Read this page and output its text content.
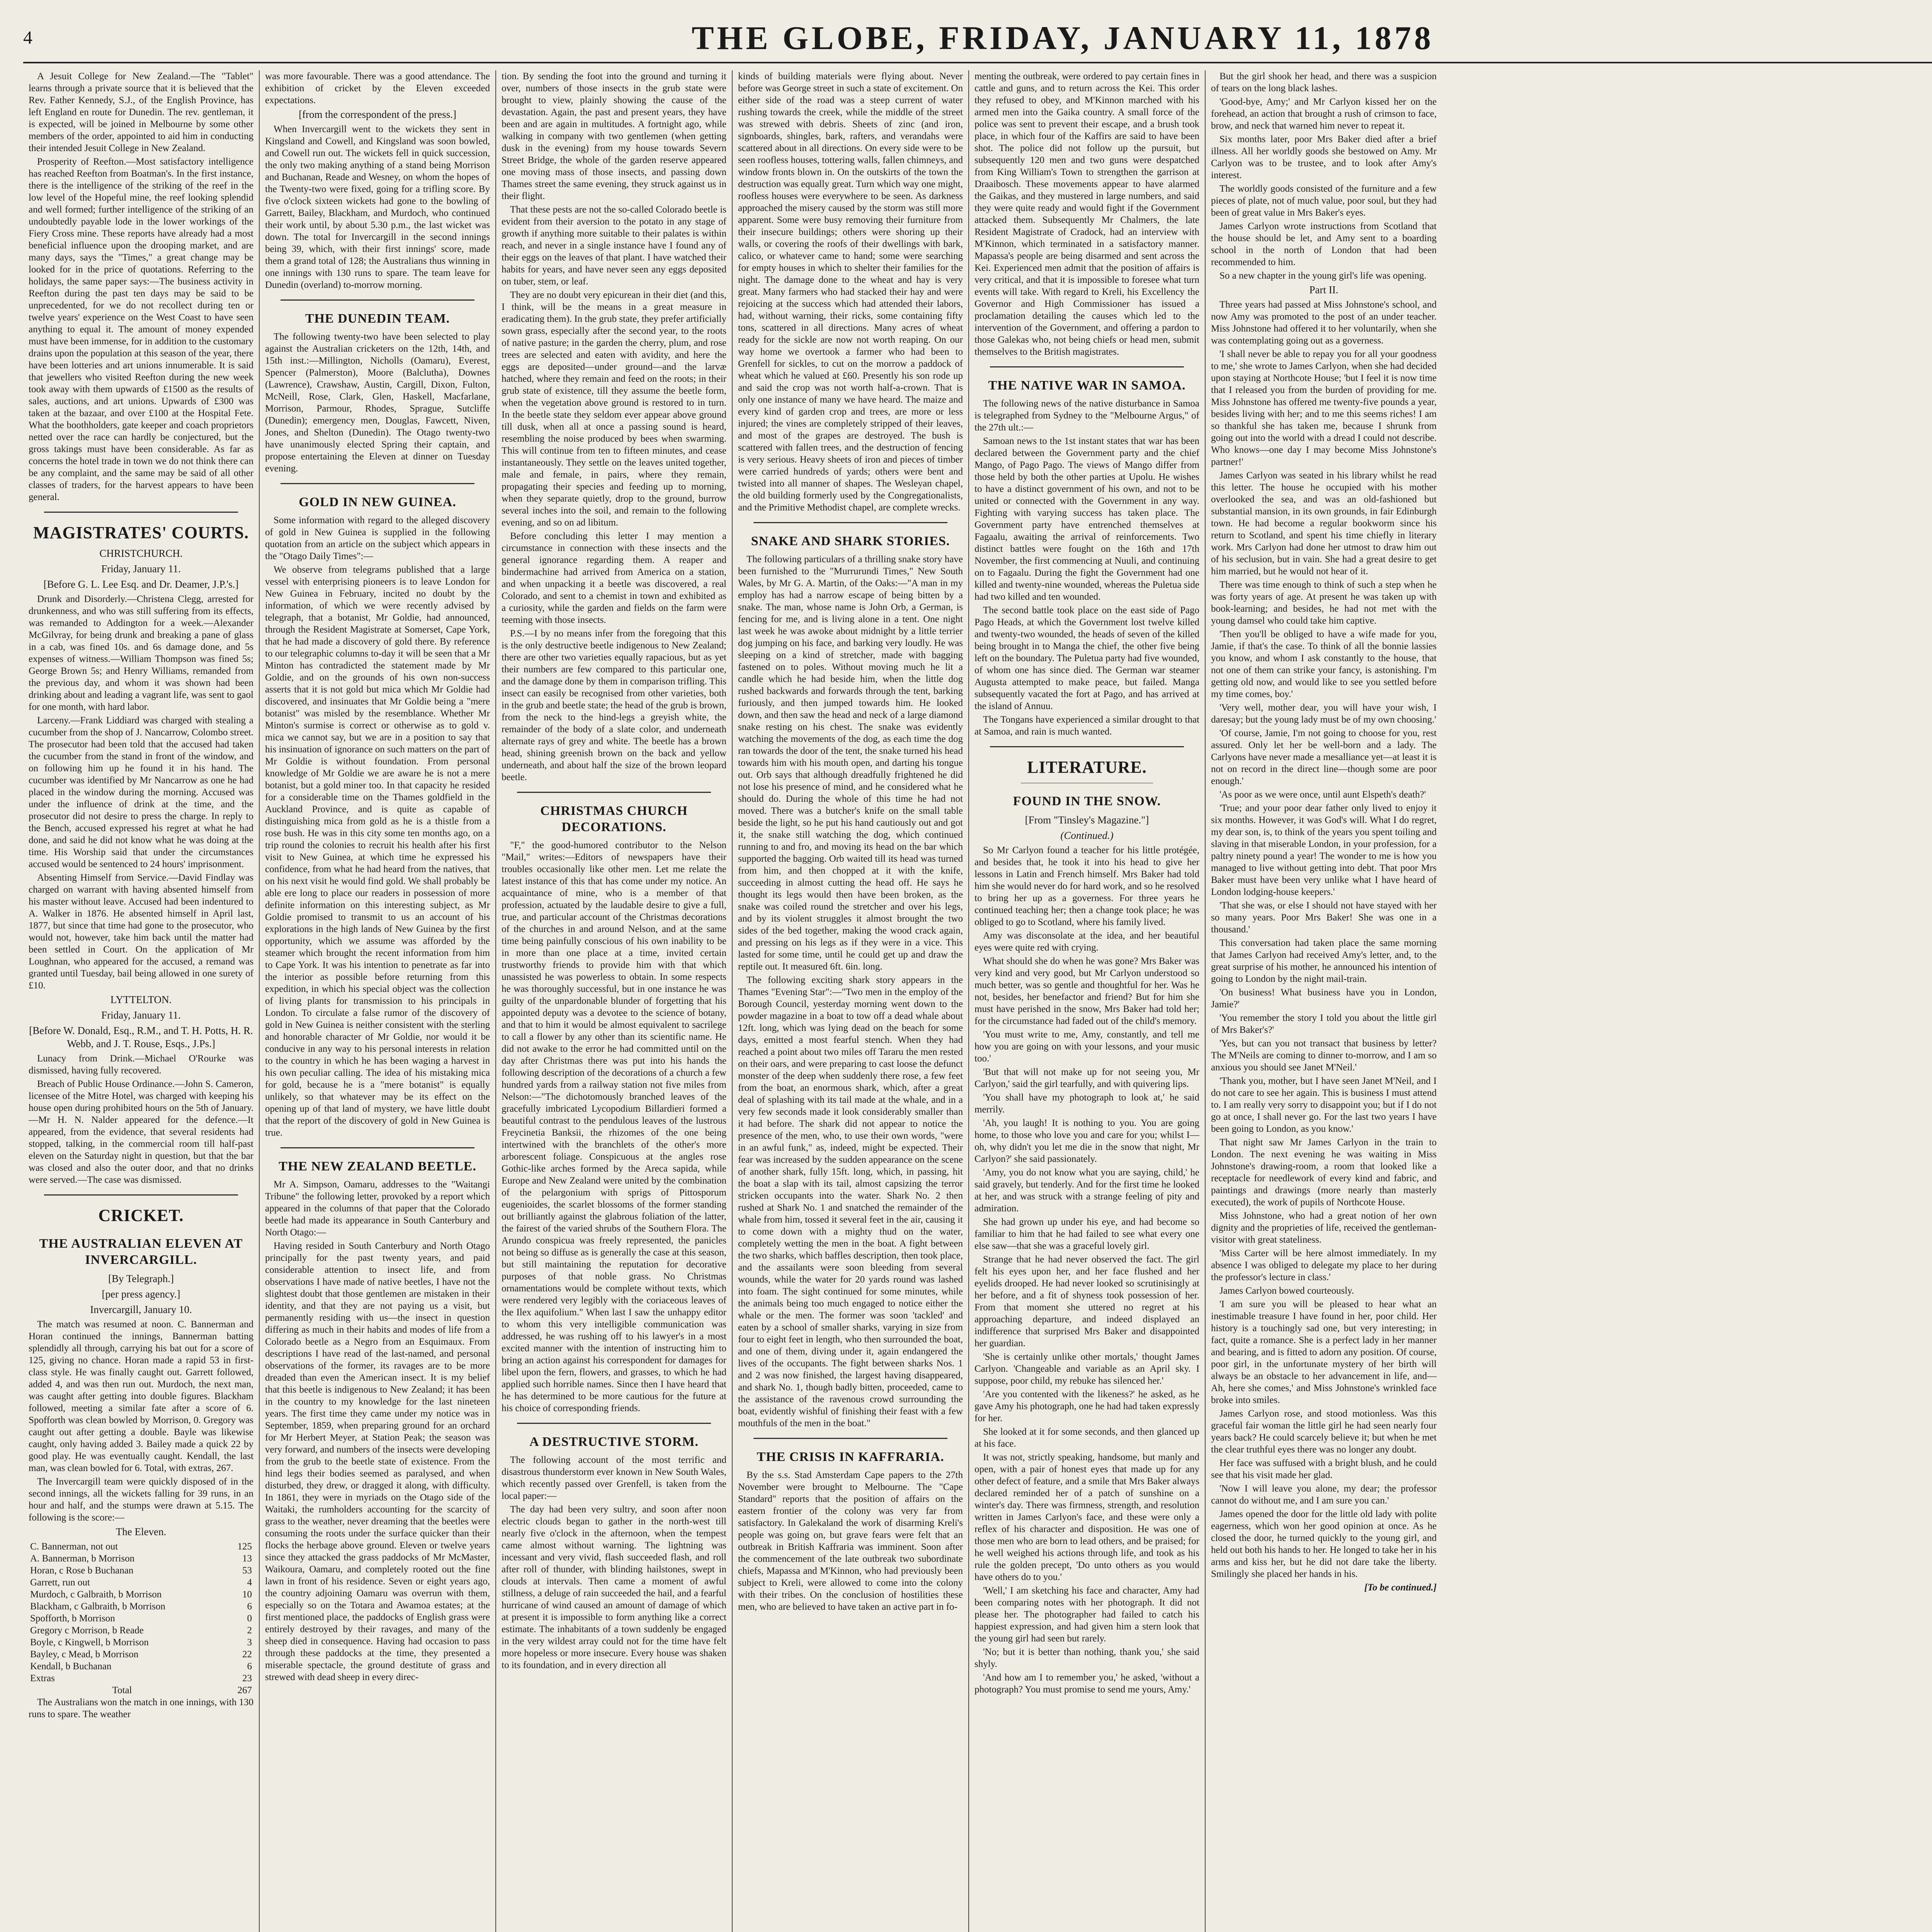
4	THE GLOBE, FRIDAY, JANUARY 11, 1878

A Jesuit College for New Zealand.—The "Tablet" learns through a private source that it is believed that the Rev. Father Kennedy, S.J., of the English Province, has left England en route for Dunedin. The rev. gentleman, it is expected, will be joined in Melbourne by some other members of the order, appointed to aid him in conducting their intended Jesuit College in New Zealand.

Prosperity of Reefton.—Most satisfactory intelligence has reached Reefton from Boatman's. In the first instance, there is the intelligence of the striking of the reef in the low level of the Hopeful mine, the reef looking splendid and well formed; further intelligence of the striking of an undoubtedly payable lode in the lower workings of the Fiery Cross mine. These reports have already had a most beneficial influence upon the drooping market, and are many days, says the "Times," a great change may be looked for in the price of quotations. Referring to the holidays, the same paper says:—The business activity in Reefton during the past ten days may be said to be unprecedented, for we do not recollect during ten or twelve years' experience on the West Coast to have seen anything to equal it. The amount of money expended must have been immense, for in addition to the customary drains upon the population at this season of the year, there have been lotteries and art unions innumerable. It is said that jewellers who visited Reefton during the new week took away with them upwards of £1500 as the results of sales, auctions, and art unions. Upwards of £300 was taken at the bazaar, and over £100 at the Hospital Fete. What the boothholders, gate keeper and coach proprietors netted over the race can hardly be conjectured, but the gross takings must have been considerable. As far as concerns the hotel trade in town we do not think there can be any complaint, and the same may be said of all other classes of traders, for the harvest appears to have been general.

MAGISTRATES' COURTS.
CHRISTCHURCH.
Friday, January 11.
[Before G. L. Lee Esq. and Dr. Deamer, J.P.'s.]

Drunk and Disorderly.—Christena Clegg, arrested for drunkenness, and who was still suffering from its effects, was remanded to Addington for a week.—Alexander McGilvray, for being drunk and breaking a pane of glass in a cab, was fined 10s. and 6s damage done, and 5s expenses of witness.—William Thompson was fined 5s; George Brown 5s; and Henry Williams, remanded from the previous day, and whom it was shown had been drinking about and leading a vagrant life, was sent to gaol for one month, with hard labor.

Larceny.—Frank Liddiard was charged with stealing a cucumber from the shop of J. Nancarrow, Colombo street. The prosecutor had been told that the accused had taken the cucumber from the stand in front of the window, and on following him up he found it in his hand. The cucumber was identified by Mr Nancarrow as one he had placed in the window during the morning. Accused was under the influence of drink at the time, and the prosecutor did not desire to press the charge. In reply to the Bench, accused expressed his regret at what he had done, and said he did not know what he was doing at the time. His Worship said that under the circumstances accused would be sentenced to 24 hours' imprisonment.

Absenting Himself from Service.—David Findlay was charged on warrant with having absented himself from his master without leave. Accused had been indentured to A. Walker in 1876. He absented himself in April last, 1877, but since that time had gone to the prosecutor, who would not, however, take him back until the matter had been settled in Court. On the application of Mr Loughnan, who appeared for the accused, a remand was granted until Tuesday, bail being allowed in one surety of £10.

LYTTELTON.
Friday, January 11.
[Before W. Donald, Esq., R.M., and T. H. Potts, H. R. Webb, and J. T. Rouse, Esqs., J.Ps.]

Lunacy from Drink.—Michael O'Rourke was dismissed, having fully recovered.

Breach of Public House Ordinance.—John S. Cameron, licensee of the Mitre Hotel, was charged with keeping his house open during prohibited hours on the 5th of January.—Mr H. N. Nalder appeared for the defence.—It appeared, from the evidence, that several residents had stopped, talking, in the commercial room till half-past eleven on the Saturday night in question, but that the bar was closed and also the outer door, and that no drinks were served.—The case was dismissed.

CRICKET.
THE AUSTRALIAN ELEVEN AT INVERCARGILL.
[By Telegraph.]
[per press agency.]
Invercargill, January 10.

The match was resumed at noon. C. Bannerman and Horan continued the innings, Bannerman batting splendidly all through, carrying his bat out for a score of 125, giving no chance. Horan made a rapid 53 in first-class style. He was finally caught out. Garrett followed, added 4, and was then run out. Murdoch, the next man, was caught after getting into double figures. Blackham followed, meeting a similar fate after a score of 6. Spofforth was clean bowled by Morrison, 0. Gregory was caught out after getting a double. Bayle was likewise caught, only having added 3. Bailey made a quick 22 by good play. He was eventually caught. Kendall, the last man, was clean bowled for 6. Total, with extras, 267.

The Invercargill team were quickly disposed of in the second innings, all the wickets falling for 39 runs, in an hour and half, and the stumps were drawn at 5.15. The following is the score:—

The Eleven.
C. Bannerman, not out	125
A. Bannerman, b Morrison	13
Horan, c Rose b Buchanan	53
Garrett, run out	4
Murdoch, c Galbraith, b Morrison	10
Blackham, c Galbraith, b Morrison	6
Spofforth, b Morrison	0
Gregory c Morrison, b Reade	2
Boyle, c Kingwell, b Morrison	3
Bayley, c Mead, b Morrison	22
Kendall, b Buchanan	6
Extras	23
Total	267

The Australians won the match in one innings, with 130 runs to spare. The weather

was more favourable. There was a good attendance. The exhibition of cricket by the Eleven exceeded expectations.

[from the correspondent of the press.]

When Invercargill went to the wickets they sent in Kingsland and Cowell, and Kingsland was soon bowled, and Cowell run out. The wickets fell in quick succession, the only two making anything of a stand being Morrison and Buchanan, Reade and Wesney, on whom the hopes of the Twenty-two were fixed, going for a trifling score. By five o'clock sixteen wickets had gone to the bowling of Garrett, Bailey, Blackham, and Murdoch, who continued their work until, by about 5.30 p.m., the last wicket was down. The total for Invercargill in the second innings being 39, which, with their first innings' score, made them a grand total of 128; the Australians thus winning in one innings with 130 runs to spare. The team leave for Dunedin (overland) to-morrow morning.

THE DUNEDIN TEAM.

The following twenty-two have been selected to play against the Australian cricketers on the 12th, 14th, and 15th inst.:—Millington, Nicholls (Oamaru), Everest, Spencer (Palmerston), Moore (Balclutha), Downes (Lawrence), Crawshaw, Austin, Cargill, Dixon, Fulton, McNeill, Rose, Clark, Glen, Haskell, Macfarlane, Morrison, Parmour, Rhodes, Sprague, Sutcliffe (Dunedin); emergency men, Douglas, Fawcett, Niven, Jones, and Shelton (Dunedin). The Otago twenty-two have unanimously elected Spring their captain, and propose entertaining the Eleven at dinner on Tuesday evening.

GOLD IN NEW GUINEA.

Some information with regard to the alleged discovery of gold in New Guinea is supplied in the following quotation from an article on the subject which appears in the "Otago Daily Times":—

We observe from telegrams published that a large vessel with enterprising pioneers is to leave London for New Guinea in February, incited no doubt by the information, of which we were recently advised by telegraph, that a botanist, Mr Goldie, had announced, through the Resident Magistrate at Somerset, Cape York, that he had made a discovery of gold there. By reference to our telegraphic columns to-day it will be seen that a Mr Minton has contradicted the statement made by Mr Goldie, and on the grounds of his own non-success asserts that it is not gold but mica which Mr Goldie had discovered, and insinuates that Mr Goldie being a "mere botanist" was misled by the resemblance. Whether Mr Minton's surmise is correct or otherwise as to gold v. mica we cannot say, but we are in a position to say that his insinuation of ignorance on such matters on the part of Mr Goldie is without foundation. From personal knowledge of Mr Goldie we are aware he is not a mere botanist, but a gold miner too. In that capacity he resided for a considerable time on the Thames goldfield in the Auckland Province, and is quite as capable of distinguishing mica from gold as he is a thistle from a rose bush. He was in this city some ten months ago, on a trip round the colonies to recruit his health after his first visit to New Guinea, at which time he expressed his confidence, from what he had heard from the natives, that on his next visit he would find gold. We shall probably be able ere long to place our readers in possession of more definite information on this interesting subject, as Mr Goldie promised to transmit to us an account of his explorations in the high lands of New Guinea by the first opportunity, which we assume was afforded by the steamer which brought the recent information from him to Cape York. It was his intention to penetrate as far into the interior as possible before returning from this expedition, in which his special object was the collection of living plants for transmission to his principals in London. To circulate a false rumor of the discovery of gold in New Guinea is neither consistent with the sterling and honorable character of Mr Goldie, nor would it be conducive in any way to his personal interests in relation to the country in which he has been waging a harvest in his own peculiar calling. The idea of his mistaking mica for gold, because he is a "mere botanist" is equally unlikely, so that whatever may be its effect on the opening up of that land of mystery, we have little doubt that the report of the discovery of gold in New Guinea is true.

THE NEW ZEALAND BEETLE.

Mr A. Simpson, Oamaru, addresses to the "Waitangi Tribune" the following letter, provoked by a report which appeared in the columns of that paper that the Colorado beetle had made its appearance in South Canterbury and North Otago:—

Having resided in South Canterbury and North Otago principally for the past twenty years, and paid considerable attention to insect life, and from observations I have made of native beetles, I have not the slightest doubt that those gentlemen are mistaken in their identity, and that they are not paying us a visit, but permanently residing with us—the insect in question differing as much in their habits and modes of life from a Colorado beetle as a Negro from an Esquimaux. From descriptions I have read of the last-named, and personal observations of the former, its ravages are to be more dreaded than even the American insect. It is my belief that this beetle is indigenous to New Zealand; it has been in the country to my knowledge for the last nineteen years. The first time they came under my notice was in September, 1859, when preparing ground for an orchard for Mr Herbert Meyer, at Station Peak; the season was very forward, and numbers of the insects were developing from the grub to the beetle state of existence. From the hind legs their bodies seemed as paralysed, and when disturbed, they drew, or dragged it along, with difficulty. In 1861, they were in myriads on the Otago side of the Waitaki, the rumholders accounting for the scarcity of grass to the weather, never dreaming that the beetles were consuming the roots under the surface quicker than their flocks the herbage above ground. Eleven or twelve years since they attacked the grass paddocks of Mr McMaster, Waikoura, Oamaru, and completely rooted out the fine lawn in front of his residence. Seven or eight years ago, the country adjoining Oamaru was overrun with them, especially so on the Totara and Awamoa estates; at the first mentioned place, the paddocks of English grass were entirely destroyed by their ravages, and many of the sheep died in consequence. Having had occasion to pass through these paddocks at the time, they presented a miserable spectacle, the ground destitute of grass and strewed with dead sheep in every direc-

tion. By sending the foot into the ground and turning it over, numbers of those insects in the grub state were brought to view, plainly showing the cause of the devastation. Again, the past and present years, they have been and are again in multitudes. A fortnight ago, while walking in company with two gentlemen (when getting dusk in the evening) from my house towards Severn Street Bridge, the whole of the garden reserve appeared one moving mass of those insects, and passing down Thames street the same evening, they struck against us in their flight.

That these pests are not the so-called Colorado beetle is evident from their aversion to the potato in any stage of growth if anything more suitable to their palates is within reach, and never in a single instance have I found any of their eggs on the leaves of that plant. I have watched their habits for years, and have never seen any eggs deposited on tuber, stem, or leaf.

They are no doubt very epicurean in their diet (and this, I think, will be the means in a great measure in eradicating them). In the grub state, they prefer artificially sown grass, especially after the second year, to the roots of native pasture; in the garden the cherry, plum, and rose trees are selected and eaten with avidity, and here the eggs are deposited—under ground—and the larvæ hatched, where they remain and feed on the roots; in their grub state of existence, till they assume the beetle form, when the vegetation above ground is restored to in turn. In the beetle state they seldom ever appear above ground till dusk, when all at once a passing sound is heard, resembling the noise produced by bees when swarming. This will continue from ten to fifteen minutes, and cease instantaneously. They settle on the leaves united together, male and female, in pairs, where they remain, propagating their species and feeding up to morning, when they separate quietly, drop to the ground, burrow several inches into the soil, and remain to the following evening, and so on ad libitum.

Before concluding this letter I may mention a circumstance in connection with these insects and the general ignorance regarding them. A reaper and bindermachine had arrived from America on a station, and when unpacking it a beetle was discovered, a real Colorado, and sent to a chemist in town and exhibited as a curiosity, while the garden and fields on the farm were teeming with those insects.

P.S.—I by no means infer from the foregoing that this is the only destructive beetle indigenous to New Zealand; there are other two varieties equally rapacious, but as yet their numbers are few compared to this particular one, and the damage done by them in comparison trifling. This insect can easily be recognised from other varieties, both in the grub and beetle state; the head of the grub is brown, from the neck to the hind-legs a greyish white, the remainder of the body of a slate color, and underneath alternate rays of grey and white. The beetle has a brown head, shining greenish brown on the back and yellow underneath, and about half the size of the brown leopard beetle.

CHRISTMAS CHURCH DECORATIONS.

"F," the good-humored contributor to the Nelson "Mail," writes:—Editors of newspapers have their troubles occasionally like other men. Let me relate the latest instance of this that has come under my notice. An acquaintance of mine, who is a member of that profession, actuated by the laudable desire to give a full, true, and particular account of the Christmas decorations of the churches in and around Nelson, and at the same time being painfully conscious of his own inability to be in more than one place at a time, invited certain trustworthy friends to provide him with that which unassisted he was powerless to obtain. In some respects he was thoroughly successful, but in one instance he was guilty of the unpardonable blunder of forgetting that his appointed deputy was a devotee to the science of botany, and that to him it would be almost equivalent to sacrilege to call a flower by any other than its scientific name. He did not awake to the error he had committed until on the day after Christmas there was put into his hands the following description of the decorations of a church a few hundred yards from a railway station not five miles from Nelson:—"The dichotomously branched leaves of the gracefully imbricated Lycopodium Billardieri formed a beautiful contrast to the pendulous leaves of the lustrous Freycinetia Banksii, the rhizomes of the one being intertwined with the branchlets of the other's more arborescent foliage. Conspicuous at the angles rose Gothic-like arches formed by the Areca sapida, while Europe and New Zealand were united by the combination of the pelargonium with sprigs of Pittosporum eugenioides, the scarlet blossoms of the former standing out brilliantly against the glabrous foliation of the latter, the fairest of the varied shrubs of the Southern Flora. The Arundo conspicua was freely represented, the panicles not being so diffuse as is generally the case at this season, but still maintaining the reputation for decorative purposes of that noble grass. No Christmas ornamentations would be complete without texts, which were rendered very legibly with the coriaceous leaves of the Ilex aquifolium." When last I saw the unhappy editor to whom this very intelligible communication was addressed, he was rushing off to his lawyer's in a most excited manner with the intention of instructing him to bring an action against his correspondent for damages for libel upon the fern, flowers, and grasses, to which he had applied such horrible names. Since then I have heard that he has determined to be more cautious for the future at his choice of corresponding friends.

A DESTRUCTIVE STORM.

The following account of the most terrific and disastrous thunderstorm ever known in New South Wales, which recently passed over Grenfell, is taken from the local paper:—

The day had been very sultry, and soon after noon electric clouds began to gather in the north-west till nearly five o'clock in the afternoon, when the tempest came almost without warning. The lightning was incessant and very vivid, flash succeeded flash, and roll after roll of thunder, with blinding hailstones, swept in clouds at intervals. Then came a moment of awful stillness, a deluge of rain succeeded the hail, and a fearful hurricane of wind caused an amount of damage of which at present it is impossible to form anything like a correct estimate. The inhabitants of a town suddenly be engaged in the very wildest array could not for the time have felt more hopeless or more insecure. Every house was shaken to its foundation, and in every direction all

kinds of building materials were flying about. Never before was George street in such a state of excitement. On either side of the road was a steep current of water rushing towards the creek, while the middle of the street was strewed with debris. Sheets of zinc (and iron, signboards, shingles, bark, rafters, and verandahs were scattered about in all directions. On every side were to be seen roofless houses, tottering walls, fallen chimneys, and window fronts blown in. On the outskirts of the town the destruction was equally great. Turn which way one might, roofless houses were everywhere to be seen. As darkness approached the misery caused by the storm was still more apparent. Some were busy removing their furniture from their insecure buildings; others were shoring up their walls, or covering the roofs of their dwellings with bark, calico, or whatever came to hand; some were searching for empty houses in which to shelter their families for the night. The damage done to the wheat and hay is very great. Many farmers who had stacked their hay and were rejoicing at the success which had attended their labors, had, without warning, their ricks, some containing fifty tons, scattered in all directions. Many acres of wheat ready for the sickle are now not worth reaping. On our way home we overtook a farmer who had been to Grenfell for sickles, to cut on the morrow a paddock of wheat which he valued at £60. Presently his son rode up and said the crop was not worth half-a-crown. That is only one instance of many we have heard. The maize and every kind of garden crop and trees, are more or less injured; the vines are completely stripped of their leaves, and most of the grapes are destroyed. The bush is scattered with fallen trees, and the destruction of fencing is very serious. Heavy sheets of iron and pieces of timber were carried hundreds of yards; others were bent and twisted into all manner of shapes. The Wesleyan chapel, the old building formerly used by the Congregationalists, and the Primitive Methodist chapel, are complete wrecks.

SNAKE AND SHARK STORIES.

The following particulars of a thrilling snake story have been furnished to the "Murrurundi Times," New South Wales, by Mr G. A. Martin, of the Oaks:—"A man in my employ has had a narrow escape of being bitten by a snake. The man, whose name is John Orb, a German, is fencing for me, and is living alone in a tent. One night last week he was awoke about midnight by a little terrier dog jumping on his face, and barking very loudly. He was sleeping on a kind of stretcher, made with bagging fastened on to poles. Without moving much he lit a candle which he had beside him, when the little dog rushed backwards and forwards through the tent, barking furiously, and then jumped towards him. He looked down, and then saw the head and neck of a large diamond snake resting on his chest. The snake was evidently watching the movements of the dog, as each time the dog ran towards the door of the tent, the snake turned his head towards him with his mouth open, and darting his tongue out. Orb says that although dreadfully frightened he did not lose his presence of mind, and he considered what he should do. During the whole of this time he had not moved. There was a butcher's knife on the small table beside the light, so he put his hand cautiously out and got it, the snake still watching the dog, which continued running to and fro, and moving its head on the bar which supported the bagging. Orb waited till its head was turned from him, and then chopped at it with the knife, succeeding in almost cutting the head off. He says he thought its legs would then have been broken, as the snake was coiled round the stretcher and over his legs, and by its violent struggles it almost brought the two sides of the bed together, making the wood crack again, and pressing on his legs as if they were in a vice. This lasted for some time, until he could get up and draw the reptile out. It measured 6ft. 6in. long.

The following exciting shark story appears in the Thames "Evening Star":—"Two men in the employ of the Borough Council, yesterday morning went down to the powder magazine in a boat to tow off a dead whale about 12ft. long, which was lying dead on the beach for some days, emitted a most fearful stench. When they had reached a point about two miles off Tararu the men rested on their oars, and were preparing to cast loose the defunct monster of the deep when suddenly there rose, a few feet from the boat, an enormous shark, which, after a great deal of splashing with its tail made at the whale, and in a very few seconds made it look considerably smaller than it had before. The shark did not appear to notice the presence of the men, who, to use their own words, "were in an awful funk," as, indeed, might be expected. Their fear was increased by the sudden appearance on the scene of another shark, fully 15ft. long, which, in passing, hit the boat a slap with its tail, almost capsizing the terror stricken occupants into the water. Shark No. 2 then rushed at Shark No. 1 and snatched the remainder of the whale from him, tossed it several feet in the air, causing it to come down with a mighty thud on the water, completely wetting the men in the boat. A fight between the two sharks, which baffles description, then took place, and the assailants were soon bleeding from several wounds, while the water for 20 yards round was lashed into foam. The sight continued for some minutes, while the animals being too much engaged to notice either the whale or the men. The former was soon 'tackled' and eaten by a school of smaller sharks, varying in size from four to eight feet in length, who then surrounded the boat, and one of them, diving under it, again endangered the lives of the occupants. The fight between sharks Nos. 1 and 2 was now finished, the largest having disappeared, and shark No. 1, though badly bitten, proceeded, came to the assistance of the ravenous crowd surrounding the boat, evidently wishful of finishing their feast with a few mouthfuls of the men in the boat."

THE CRISIS IN KAFFRARIA.

By the s.s. Stad Amsterdam Cape papers to the 27th November were brought to Melbourne. The "Cape Standard" reports that the position of affairs on the eastern frontier of the colony was very far from satisfactory. In Galekaland the work of disarming Kreli's people was going on, but grave fears were felt that an outbreak in British Kaffraria was imminent. Soon after the commencement of the late outbreak two subordinate chiefs, Mapassa and M'Kinnon, who had previously been subject to Kreli, were allowed to come into the colony with their tribes. On the conclusion of hostilities these men, who are believed to have taken an active part in fo-

menting the outbreak, were ordered to pay certain fines in cattle and guns, and to return across the Kei. This order they refused to obey, and M'Kinnon marched with his armed men into the Gaika country. A small force of the police was sent to prevent their escape, and a brush took place, in which four of the Kaffirs are said to have been shot. The police did not follow up the pursuit, but subsequently 120 men and two guns were despatched from King William's Town to strengthen the garrison at Draaibosch. These movements appear to have alarmed the Gaikas, and they mustered in large numbers, and said they were quite ready and would fight if the Government attacked them. Subsequently Mr Chalmers, the late Resident Magistrate of Cradock, had an interview with M'Kinnon, which terminated in a satisfactory manner. Mapassa's people are being disarmed and sent across the Kei. Experienced men admit that the position of affairs is very critical, and that it is impossible to foresee what turn events will take. With regard to Kreli, his Excellency the Governor and High Commissioner has issued a proclamation detailing the causes which led to the intervention of the Government, and offering a pardon to those Galekas who, not being chiefs or head men, submit themselves to the British magistrates.

THE NATIVE WAR IN SAMOA.

The following news of the native disturbance in Samoa is telegraphed from Sydney to the "Melbourne Argus," of the 27th ult.:—

Samoan news to the 1st instant states that war has been declared between the Government party and the chief Mango, of Pago Pago. The views of Mango differ from those held by both the other parties at Upolu. He wishes to have a distinct government of his own, and not to be united or connected with the Government in any way. Fighting with varying success has taken place. The Government party have entrenched themselves at Fagaalu, awaiting the arrival of reinforcements. Two distinct battles were fought on the 16th and 17th November, the first commencing at Nuuli, and continuing on to Fagaalu. During the fight the Government had one killed and twenty-nine wounded, whereas the Puletua side had two killed and ten wounded.

The second battle took place on the east side of Pago Pago Heads, at which the Government lost twelve killed and twenty-two wounded, the heads of seven of the killed being brought in to Manga the chief, the other five being left on the boundary. The Puletua party had five wounded, of whom one has since died. The German war steamer Augusta attempted to make peace, but failed. Manga subsequently vacated the fort at Pago, and has arrived at the island of Annuu.

The Tongans have experienced a similar drought to that at Samoa, and rain is much wanted.

LITERATURE.
FOUND IN THE SNOW.
[From "Tinsley's Magazine."]
(Continued.)

So Mr Carlyon found a teacher for his little protégée, and besides that, he took it into his head to give her lessons in Latin and French himself. Mrs Baker had told him she would never do for hard work, and so he resolved to bring her up as a governess. For three years he continued teaching her; then a change took place; he was obliged to go to Scotland, where his family lived.

Amy was disconsolate at the idea, and her beautiful eyes were quite red with crying.

What should she do when he was gone? Mrs Baker was very kind and very good, but Mr Carlyon understood so much better, was so gentle and thoughtful for her. Was he not, besides, her benefactor and friend? But for him she must have perished in the snow, Mrs Baker had told her; for the circumstance had faded out of the child's memory.

'You must write to me, Amy, constantly, and tell me how you are going on with your lessons, and your music too.'

'But that will not make up for not seeing you, Mr Carlyon,' said the girl tearfully, and with quivering lips.

'You shall have my photograph to look at,' he said merrily.

'Ah, you laugh! It is nothing to you. You are going home, to those who love you and care for you; whilst I—oh, why didn't you let me die in the snow that night, Mr Carlyon?' she said passionately.

'Amy, you do not know what you are saying, child,' he said gravely, but tenderly. And for the first time he looked at her, and was struck with a strange feeling of pity and admiration.

She had grown up under his eye, and had become so familiar to him that he had failed to see what every one else saw—that she was a graceful lovely girl.

Strange that he had never observed the fact. The girl felt his eyes upon her, and her face flushed and her eyelids drooped. He had never looked so scrutinisingly at her before, and a fit of shyness took possession of her. From that moment she uttered no regret at his approaching departure, and indeed displayed an indifference that surprised Mrs Baker and disappointed her guardian.

'She is certainly unlike other mortals,' thought James Carlyon. 'Changeable and variable as an April sky. I suppose, poor child, my rebuke has silenced her.'

'Are you contented with the likeness?' he asked, as he gave Amy his photograph, one he had had taken expressly for her.

She looked at it for some seconds, and then glanced up at his face.

It was not, strictly speaking, handsome, but manly and open, with a pair of honest eyes that made up for any other defect of feature, and a smile that Mrs Baker always declared reminded her of a patch of sunshine on a winter's day. There was firmness, strength, and resolution written in James Carlyon's face, and these were only a reflex of his character and disposition. He was one of those men who are born to lead others, and be praised; for he well weighed his actions through life, and took as his rule the golden precept, 'Do unto others as you would have others do to you.'

'Well,' I am sketching his face and character, Amy had been comparing notes with her photograph. It did not please her. The photographer had failed to catch his happiest expression, and had given him a stern look that the young girl had seen but rarely.

'No; but it is better than nothing, thank you,' she said shyly.

'And how am I to remember you,' he asked, 'without a photograph? You must promise to send me yours, Amy.'

But the girl shook her head, and there was a suspicion of tears on the long black lashes.

'Good-bye, Amy;' and Mr Carlyon kissed her on the forehead, an action that brought a rush of crimson to face, brow, and neck that warned him never to repeat it.

Six months later, poor Mrs Baker died after a brief illness. All her worldly goods she bestowed on Amy. Mr Carlyon was to be trustee, and to look after Amy's interest.

The worldly goods consisted of the furniture and a few pieces of plate, not of much value, poor soul, but they had been of great value in Mrs Baker's eyes.

James Carlyon wrote instructions from Scotland that the house should be let, and Amy sent to a boarding school in the north of London that had been recommended to him.

So a new chapter in the young girl's life was opening.

Part II.

Three years had passed at Miss Johnstone's school, and now Amy was promoted to the post of an under teacher. Miss Johnstone had offered it to her voluntarily, when she was contemplating going out as a governess.

'I shall never be able to repay you for all your goodness to me,' she wrote to James Carlyon, when she had decided upon staying at Northcote House; 'but I feel it is now time that I released you from the burden of providing for me. Miss Johnstone has offered me twenty-five pounds a year, besides living with her; and to me this seems riches! I am so thankful she has taken me, because I shrunk from going out into the world with a dread I could not describe. Who knows—one day I may become Miss Johnstone's partner!'

James Carlyon was seated in his library whilst he read this letter. The house he occupied with his mother overlooked the sea, and was an old-fashioned but substantial mansion, in its own grounds, in fair Edinburgh town. He had become a regular bookworm since his return to Scotland, and spent his time chiefly in literary work. Mrs Carlyon had done her utmost to draw him out of his seclusion, but in vain. She had a great desire to get him married, but he would not hear of it.

There was time enough to think of such a step when he was forty years of age. At present he was taken up with book-learning; and besides, he had not met with the young damsel who could take him captive.

'Then you'll be obliged to have a wife made for you, Jamie, if that's the case. To think of all the bonnie lassies you know, and whom I ask constantly to the house, that not one of them can strike your fancy, is astonishing. I'm getting old now, and would like to see you settled before my time comes, boy.'

'Very well, mother dear, you will have your wish, I daresay; but the young lady must be of my own choosing.'

'Of course, Jamie, I'm not going to choose for you, rest assured. Only let her be well-born and a lady. The Carlyons have never made a mesalliance yet—at least it is not on record in the direct line—though some are poor enough.'

'As poor as we were once, until aunt Elspeth's death?'

'True; and your poor dear father only lived to enjoy it six months. However, it was God's will. What I do regret, my dear son, is, to think of the years you spent toiling and slaving in that miserable London, in your profession, for a paltry ninety pound a year! The wonder to me is how you managed to live without getting into debt. That poor Mrs Baker must have been very unlike what I have heard of London lodging-house keepers.'

'That she was, or else I should not have stayed with her so many years. Poor Mrs Baker! She was one in a thousand.'

This conversation had taken place the same morning that James Carlyon had received Amy's letter, and, to the great surprise of his mother, he announced his intention of going to London by the night mail-train.

'On business! What business have you in London, Jamie?'

'You remember the story I told you about the little girl of Mrs Baker's?'

'Yes, but can you not transact that business by letter? The M'Neils are coming to dinner to-morrow, and I am so anxious you should see Janet M'Neil.'

'Thank you, mother, but I have seen Janet M'Neil, and I do not care to see her again. This is business I must attend to. I am really very sorry to disappoint you; but if I do not go at once, I shall never go. For the last two years I have been going to London, as you know.'

That night saw Mr James Carlyon in the train to London. The next evening he was waiting in Miss Johnstone's drawing-room, a room that looked like a receptacle for needlework of every kind and fabric, and paintings and drawings (more nearly than masterly executed), the work of pupils of Northcote House.

Miss Johnstone, who had a great notion of her own dignity and the proprieties of life, received the gentleman-visitor with great stateliness.

'Miss Carter will be here almost immediately. In my absence I was obliged to delegate my place to her during the professor's lecture in class.'

James Carlyon bowed courteously.

'I am sure you will be pleased to hear what an inestimable treasure I have found in her, poor child. Her history is a touchingly sad one, but very interesting; in fact, quite a romance. She is a perfect lady in her manner and bearing, and is fitted to adorn any position. Of course, poor girl, in the unfortunate mystery of her birth will always be an obstacle to her advancement in life, and—Ah, here she comes,' and Miss Johnstone's wrinkled face broke into smiles.

James Carlyon rose, and stood motionless. Was this graceful fair woman the little girl he had seen nearly four years back? He could scarcely believe it; but when he met the clear truthful eyes there was no longer any doubt.

Her face was suffused with a bright blush, and he could see that his visit made her glad.

'Now I will leave you alone, my dear; the professor cannot do without me, and I am sure you can.'

James opened the door for the little old lady with polite eagerness, which won her good opinion at once. As he closed the door, he turned quickly to the young girl, and held out both his hands to her. He longed to take her in his arms and kiss her, but he did not dare take the liberty. Smilingly she placed her hands in his.

[To be continued.]
